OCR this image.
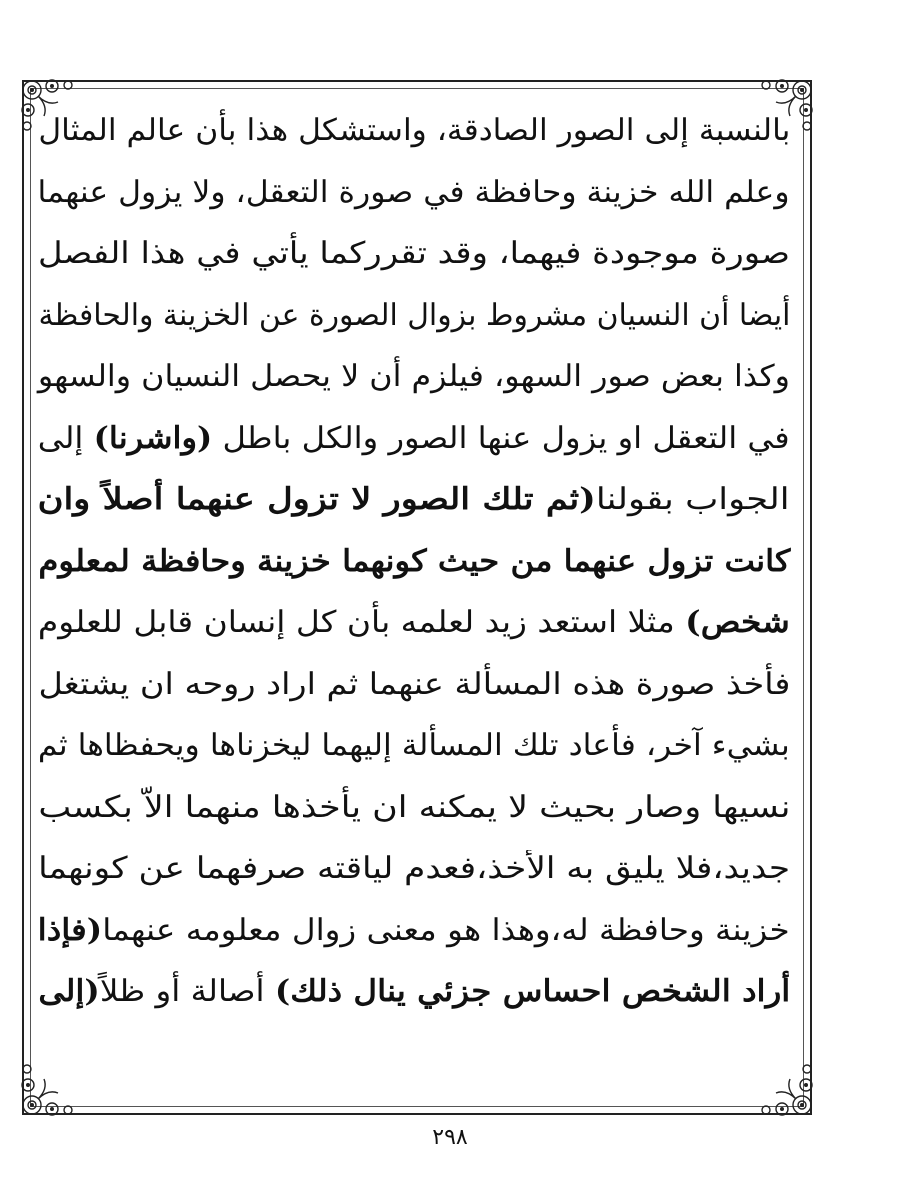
بالنسبة إلى الصور الصادقة، واستشكل هذا بأن عالم المثال
وعلم الله خزينة وحافظة في صورة التعقل، ولا يزول عنهما
صورة موجودة فيهما، وقد تقرركما يأتي في هذا الفصل
أيضا أن النسيان مشروط بزوال الصورة عن الخزينة والحافظة
وكذا بعض صور السهو، فيلزم أن لا يحصل النسيان والسهو
في التعقل او يزول عنها الصور والكل باطل (واشرنا) إلى
الجواب بقولنا(ثم تلك الصور لا تزول عنهما أصلاً وان
كانت تزول عنهما من حيث كونهما خزينة وحافظة لمعلوم
شخص) مثلا استعد زيد لعلمه بأن كل إنسان قابل للعلوم
فأخذ صورة هذه المسألة عنهما ثم اراد روحه ان يشتغل
بشيء آخر، فأعاد تلك المسألة إليهما ليخزناها ويحفظاها ثم
نسيها وصار بحيث لا يمكنه ان يأخذها منهما الاّ بكسب
جديد،فلا يليق به الأخذ،فعدم لياقته صرفهما عن كونهما
خزينة وحافظة له،وهذا هو معنى زوال معلومه عنهما(فإذا
أراد الشخص احساس جزئي ينال ذلك) أصالة أو ظلاً(إلى
٢٩٨
